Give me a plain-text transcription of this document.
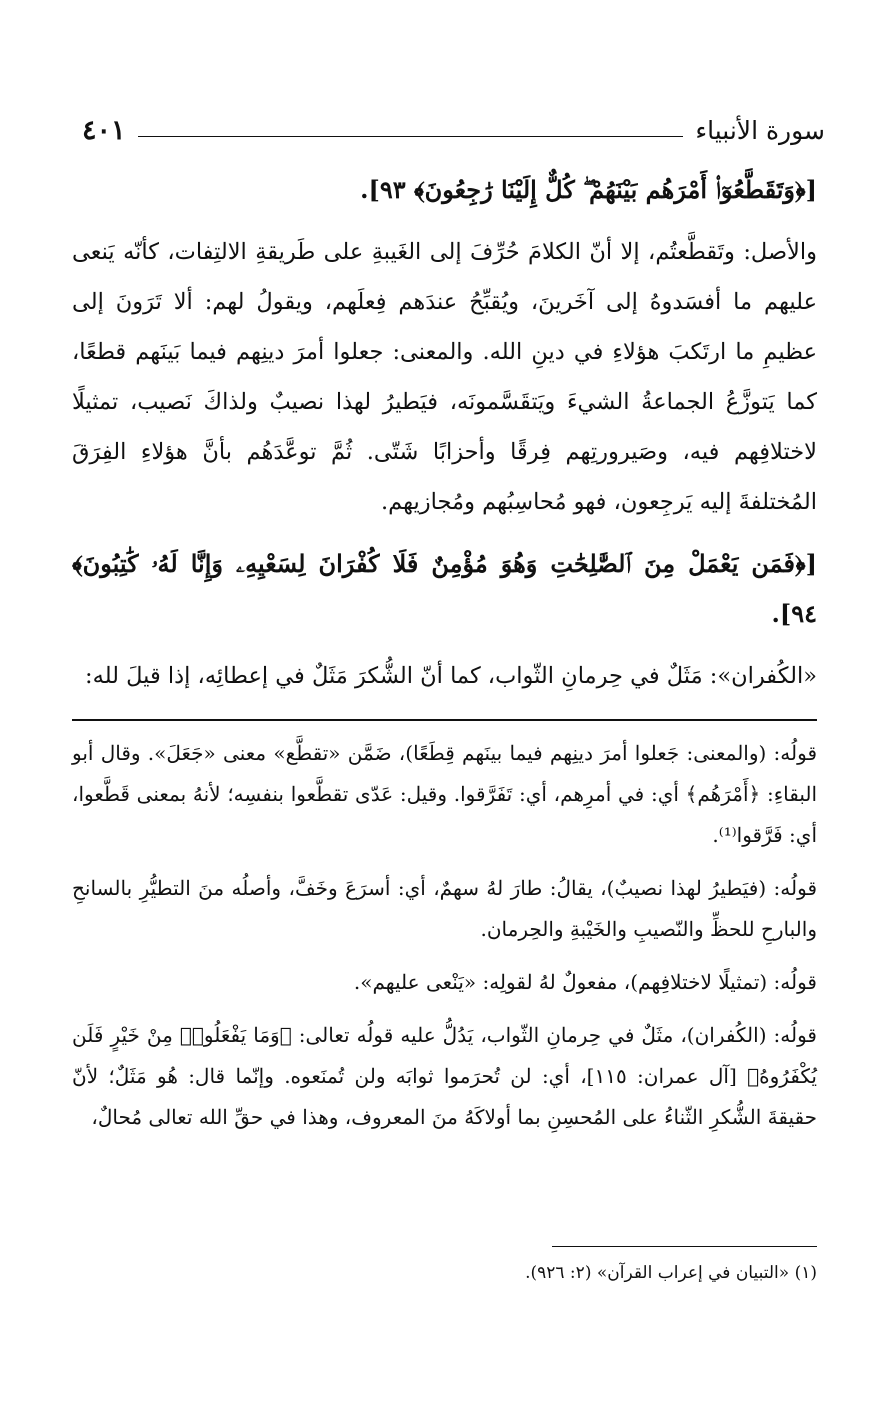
سورة الأنبياء
٤٠١

[﴿وَتَقَطَّعُوٓا۟ أَمْرَهُم بَيْنَهُمْ ۖ كُلٌّ إِلَيْنَا رَٰجِعُونَ﴾ ٩٣].

والأصل: وتَقطَّعتُم، إلا أنّ الكلامَ حُرِّفَ إلى الغَيبةِ على طَريقةِ الالتِفات، كأنّه يَنعى عليهم ما أفسَدوهُ إلى آخَرينَ، ويُقبِّحُ عندَهم فِعلَهم، ويقولُ لهم: ألا تَرَونَ إلى عظيمِ ما ارتَكبَ هؤلاءِ في دينِ الله. والمعنى: جعلوا أمرَ دينِهم فيما بَينَهم قطعًا، كما يَتوزَّعُ الجماعةُ الشيءَ ويَتقَسَّمونَه، فيَطيرُ لهذا نصيبٌ ولذاكَ نَصيب، تمثيلًا لاختلافِهم فيه، وصَيرورتِهم فِرقًا وأحزابًا شَتّى. ثُمَّ توعَّدَهُم بأنَّ هؤلاءِ الفِرَقَ المُختلفةَ إليه يَرجِعون، فهو مُحاسِبُهم ومُجازيهم.

[﴿فَمَن يَعْمَلْ مِنَ ٱلصَّٰلِحَٰتِ وَهُوَ مُؤْمِنٌ فَلَا كُفْرَانَ لِسَعْيِهِۦ وَإِنَّا لَهُۥ كَٰتِبُونَ﴾ ٩٤].

«الكُفران»: مَثَلٌ في حِرمانِ الثّواب، كما أنّ الشُّكرَ مَثَلٌ في إعطائِه، إذا قيلَ لله:

قولُه: (والمعنى: جَعلوا أمرَ دينِهم فيما بينَهم قِطَعًا)، ضَمَّن «تقطَّع» معنى «جَعَلَ». وقال أبو البقاءِ: ﴿أَمْرَهُم﴾ أي: في أمرِهم، أي: تَفَرَّقوا. وقيل: عَدّى تقطَّعوا بنفسِه؛ لأنهُ بمعنى قَطَّعوا، أي: فَرَّقوا⁽¹⁾.

قولُه: (فيَطيرُ لهذا نصيبٌ)، يقالُ: طارَ لهُ سهمٌ، أي: أسرَعَ وخَفَّ، وأصلُه منَ التطيُّرِ بالسانحِ والبارحِ للحظِّ والنّصيبِ والخَيْبةِ والحِرمان.

قولُه: (تمثيلًا لاختلافِهم)، مفعولٌ لهُ لقولِه: «يَنْعى عليهم».

قولُه: (الكُفران)، مثَلٌ في حِرمانِ الثّواب، يَدُلُّ عليه قولُه تعالى: ﴿وَمَا يَفْعَلُوا۟ مِنْ خَيْرٍ فَلَن يُكْفَرُوهُ﴾ [آل عمران: ١١٥]، أي: لن تُحرَموا ثوابَه ولن تُمنَعوه. وإنّما قال: هُو مَثَلٌ؛ لأنّ حقيقةَ الشُّكرِ الثّناءُ على المُحسِنِ بما أولاكَهُ منَ المعروف، وهذا في حقِّ الله تعالى مُحالٌ،

(١) «التبيان في إعراب القرآن» (٢: ٩٢٦).
